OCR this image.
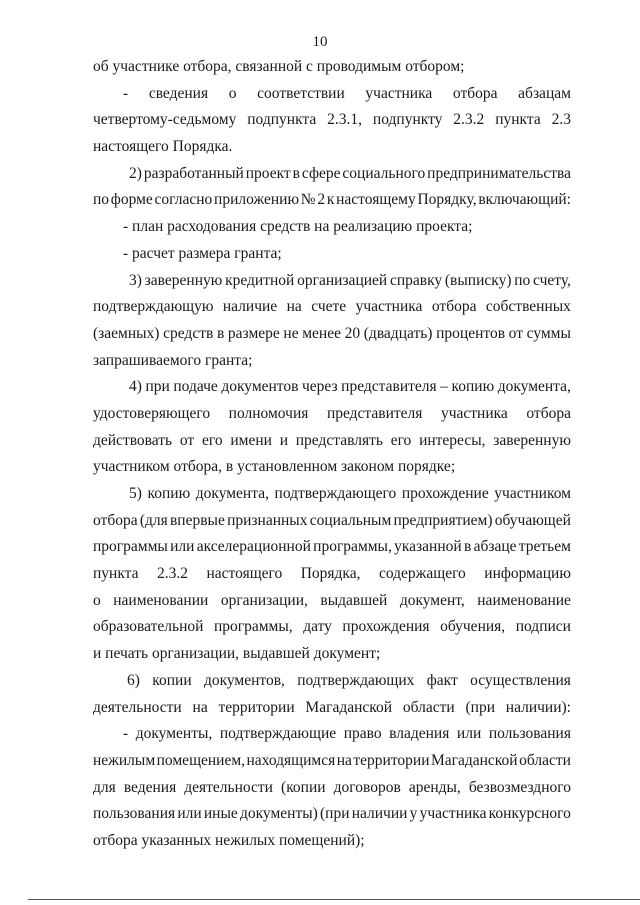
10
об участнике отбора, связанной с проводимым отбором;
- сведения о соответствии участника отбора абзацам
четвертому-седьмому подпункта 2.3.1, подпункту 2.3.2 пункта 2.3
настоящего Порядка.
2) разработанный проект в сфере социального предпринимательства
по форме согласно приложению № 2 к настоящему Порядку, включающий:
- план расходования средств на реализацию проекта;
- расчет размера гранта;
3) заверенную кредитной организацией справку (выписку) по счету,
подтверждающую наличие на счете участника отбора собственных
(заемных) средств в размере не менее 20 (двадцать) процентов от суммы
запрашиваемого гранта;
4) при подаче документов через представителя – копию документа,
удостоверяющего полномочия представителя участника отбора
действовать от его имени и представлять его интересы, заверенную
участником отбора, в установленном законом порядке;
5) копию документа, подтверждающего прохождение участником
отбора (для впервые признанных социальным предприятием) обучающей
программы или акселерационной программы, указанной в абзаце третьем
пункта 2.3.2 настоящего Порядка, содержащего информацию
о наименовании организации, выдавшей документ, наименование
образовательной программы, дату прохождения обучения, подписи
и печать организации, выдавшей документ;
6) копии документов, подтверждающих факт осуществления
деятельности на территории Магаданской области (при наличии):
- документы, подтверждающие право владения или пользования
нежилым помещением, находящимся на территории Магаданской области
для ведения деятельности (копии договоров аренды, безвозмездного
пользования или иные документы) (при наличии у участника конкурсного
отбора указанных нежилых помещений);
